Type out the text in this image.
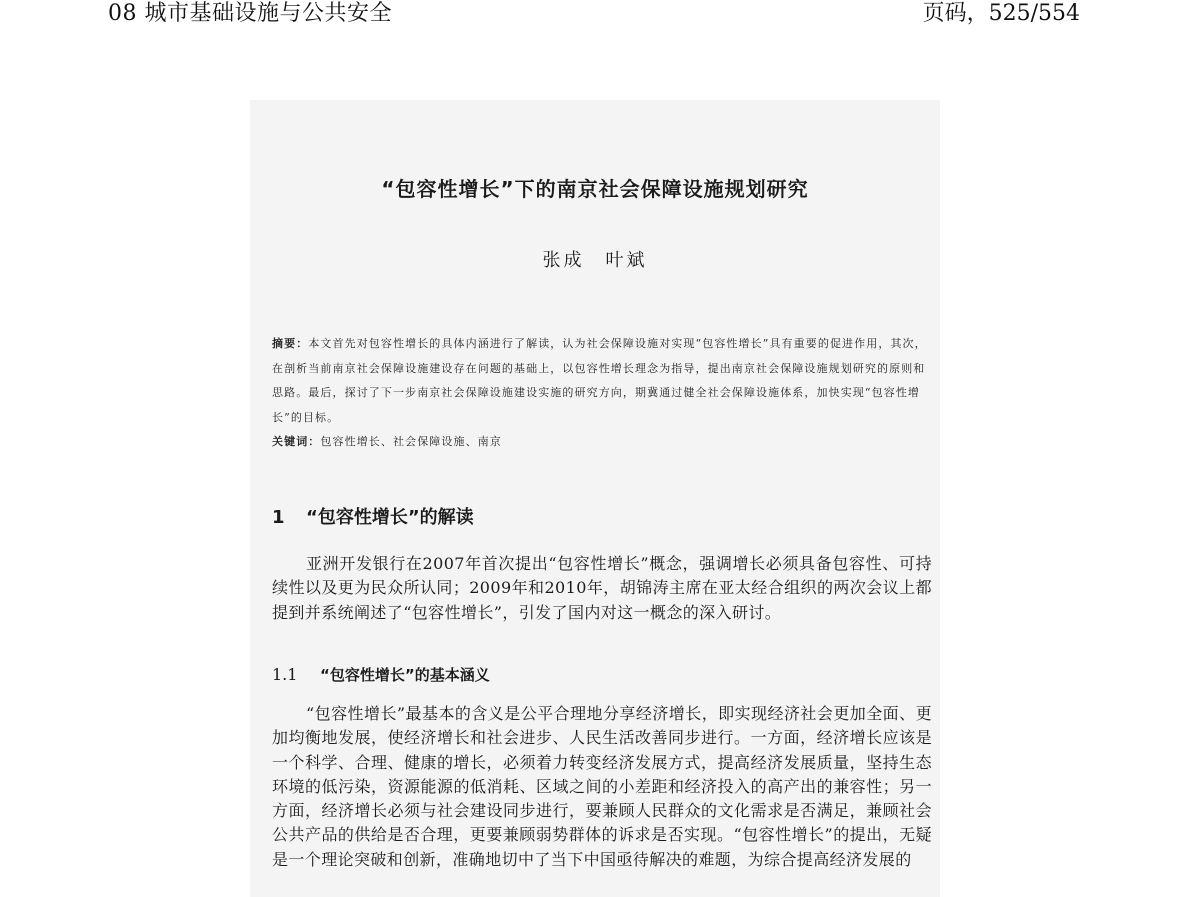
08 城市基础设施与公共安全	页码，525/554
“包容性增长”下的南京社会保障设施规划研究
张成　叶斌
摘要：本文首先对包容性增长的具体内涵进行了解读，认为社会保障设施对实现“包容性增长”具有重要的促进作用，其次，在剖析当前南京社会保障设施建设存在问题的基础上，以包容性增长理念为指导，提出南京社会保障设施规划研究的原则和思路。最后，探讨了下一步南京社会保障设施建设实施的研究方向，期冀通过健全社会保障设施体系，加快实现“包容性增长”的目标。
关键词：包容性增长、社会保障设施、南京
1 “包容性增长”的解读
亚洲开发银行在2007年首次提出“包容性增长”概念，强调增长必须具备包容性、可持续性以及更为民众所认同；2009年和2010年，胡锦涛主席在亚太经合组织的两次会议上都提到并系统阐述了“包容性增长”，引发了国内对这一概念的深入研讨。
1.1 “包容性增长”的基本涵义
“包容性增长”最基本的含义是公平合理地分享经济增长，即实现经济社会更加全面、更加均衡地发展，使经济增长和社会进步、人民生活改善同步进行。一方面，经济增长应该是一个科学、合理、健康的增长，必须着力转变经济发展方式，提高经济发展质量，坚持生态环境的低污染，资源能源的低消耗、区域之间的小差距和经济投入的高产出的兼容性；另一方面，经济增长必须与社会建设同步进行，要兼顾人民群众的文化需求是否满足，兼顾社会公共产品的供给是否合理，更要兼顾弱势群体的诉求是否实现。“包容性增长”的提出，无疑是一个理论突破和创新，准确地切中了当下中国亟待解决的难题，为综合提高经济发展的
